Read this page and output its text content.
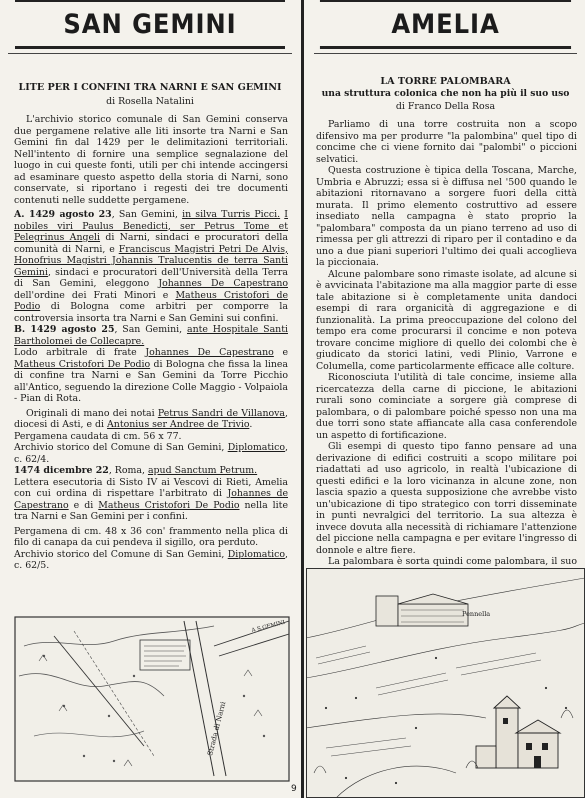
SAN GEMINI
LITE PER I CONFINI TRA NARNI E SAN GEMINI
di Rosella Natalini

L'archivio storico comunale di San Gemini conserva due pergamene relative alle liti insorte tra Narni e San Gemini fin dal 1429 per le delimitazioni territoriali. Nell'intento di fornire una semplice segnalazione del luogo in cui queste fonti, utili per chi intende accingersi ad esaminare questo aspetto della storia di Narni, sono conservate, si riportano i regesti dei tre documenti contenuti nelle suddette pergamene.

A. 1429 agosto 23, San Gemini, in silva Turris Picci. I nobiles viri Paulus Benedicti, ser Petrus Tome et Pelegrinus Angeli di Narni, sindaci e procuratori della comunità di Narni, e Franciscus Magistri Petri De Alvis, Honofrius Magistri Johannis Tralucentis de terra Santi Gemini, sindaci e procuratori dell'Università della Terra di San Gemini, eleggono Johannes De Capestrano dell'ordine dei Frati Minori e Matheus Cristofori de Podio di Bologna come arbitri per comporre la controversia insorta tra Narni e San Gemini sui confini.

B. 1429 agosto 25, San Gemini, ante Hospitale Santi Bartholomei de Collecapre.

Lodo arbitrale di frate Johannes De Capestrano e Matheus Cristofori De Podio di Bologna che fissa la linea di confine tra Narni e San Gemini da Torre Picchio all'Antico, seguendo la direzione Colle Maggio - Volpaiola - Pian di Rota.

Originali di mano dei notai Petrus Sandri de Villanova, diocesi di Asti, e di Antonius ser Andree de Trivio.

Pergamena caudata di cm. 56 x 77.

Archivio storico del Comune di San Gemini, Diplomatico, c. 62/4.

1474 dicembre 22, Roma, apud Sanctum Petrum.

Lettera esecutoria di Sisto IV ai Vescovi di Rieti, Amelia con cui ordina di rispettare l'arbitrato di Johannes de Capestrano e di Matheus Cristofori De Podio nella lite tra Narni e San Gemini per i confini.

Pergamena di cm. 48 x 36 con' frammento nella plica di filo di canapa da cui pendeva il sigillo, ora perduto.

Archivio storico del Comune di San Gemini, Diplomatico, c. 62/5.

A S.GEMINI
Strada di Narni
AMELIA
LA TORRE PALOMBARA
una struttura colonica che non ha più il suo uso
di Franco Della Rosa

Parliamo di una torre costruita non a scopo difensivo ma per produrre "la palombina" quel tipo di concime che ci viene fornito dai "palombi" o piccioni selvatici.

Questa costruzione è tipica della Toscana, Marche, Umbria e Abruzzi; essa si è diffusa nel '500 quando le abitazioni ritornavano a sorgere fuori della città murata. Il primo elemento costruttivo ad essere insediato nella campagna è stato proprio la "palombara" composta da un piano terreno ad uso di rimessa per gli attrezzi di riparo per il contadino e da uno a due piani superiori l'ultimo dei quali accoglieva la piccionaia.

Alcune palombare sono rimaste isolate, ad alcune si è avvicinata l'abitazione ma alla maggior parte di esse tale abitazione si è completamente unita dandoci esempi di rara organicità di aggregazione e di funzionalità. La prima preoccupazione del colono del tempo era come procurarsi il concime e non poteva trovare concime migliore di quello dei colombi che è giudicato da storici latini, vedi Plinio, Varrone e Columella, come particolarmente efficace alle colture.

Riconosciuta l'utilità di tale concime, insieme alla ricercatezza della carne di piccione, le abitazioni rurali sono cominciate a sorgere già comprese di palombara, o di palombare poiché spesso non una ma due torri sono state affiancate alla casa conferendole un aspetto di fortificazione.

Gli esempi di questo tipo fanno pensare ad una derivazione di edifici costruiti a scopo militare poi riadattati ad uso agricolo, in realtà l'ubicazione di questi edifici e la loro vicinanza in alcune zone, non lascia spazio a questa supposizione che avrebbe visto un'ubicazione di tipo strategico con torri disseminate in punti nevralgici del territorio. La sua altezza è invece dovuta alla necessità di richiamare l'attenzione del piccione nella campagna e per evitare l'ingresso di donnole e altre fiere.

La palombara è sorta quindi come palombara, il suo

Pennella
9
